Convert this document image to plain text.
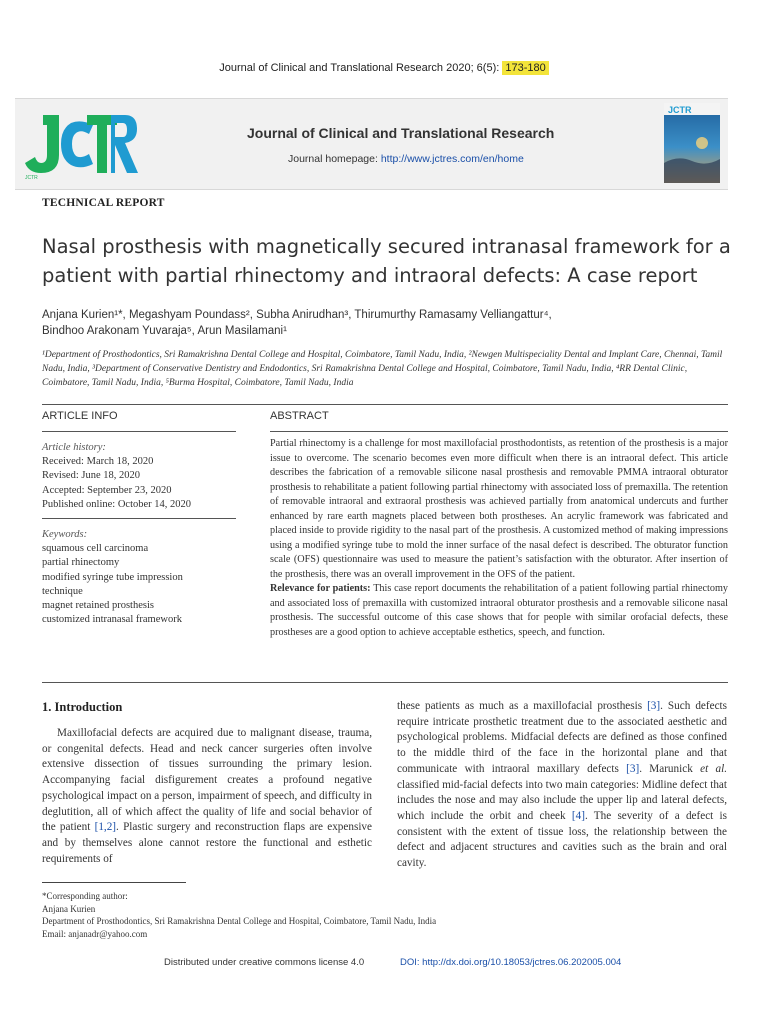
Journal of Clinical and Translational Research 2020; 6(5): 173-180
JCTR
Journal of Clinical and Translational Research
Journal homepage: http://www.jctres.com/en/home
JCTR
TECHNICAL REPORT
Nasal prosthesis with magnetically secured intranasal framework for a
patient with partial rhinectomy and intraoral defects: A case report
Anjana Kurien¹*, Megashyam Poundass², Subha Anirudhan³, Thirumurthy Ramasamy Velliangattur⁴,
Bindhoo Arakonam Yuvaraja⁵, Arun Masilamani¹
¹Department of Prosthodontics, Sri Ramakrishna Dental College and Hospital, Coimbatore, Tamil Nadu, India, ²Newgen Multispeciality Dental and Implant Care, Chennai, Tamil Nadu, India, ³Department of Conservative Dentistry and Endodontics, Sri Ramakrishna Dental College and Hospital, Coimbatore, Tamil Nadu, India, ⁴RR Dental Clinic, Coimbatore, Tamil Nadu, India, ⁵Burma Hospital, Coimbatore, Tamil Nadu, India
ARTICLE INFO	ABSTRACT
Article history:
Received: March 18, 2020
Revised: June 18, 2020
Accepted: September 23, 2020
Published online: October 14, 2020
Keywords:
squamous cell carcinoma
partial rhinectomy
modified syringe tube impression
technique
magnet retained prosthesis
customized intranasal framework

Partial rhinectomy is a challenge for most maxillofacial prosthodontists, as retention of the prosthesis is a major issue to overcome. The scenario becomes even more difficult when there is an intraoral defect. This article describes the fabrication of a removable silicone nasal prosthesis and removable PMMA intraoral obturator prosthesis to rehabilitate a patient following partial rhinectomy with associated loss of premaxilla. The retention of removable intraoral and extraoral prosthesis was achieved partially from anatomical undercuts and further enhanced by rare earth magnets placed between both prostheses. An acrylic framework was fabricated and placed inside to provide rigidity to the nasal part of the prosthesis. A customized method of making impressions using a modified syringe tube to mold the inner surface of the nasal defect is described. The obturator function scale (OFS) questionnaire was used to measure the patient’s satisfaction with the obturator. After insertion of the prosthesis, there was an overall improvement in the OFS of the patient.

Relevance for patients: This case report documents the rehabilitation of a patient following partial rhinectomy and associated loss of premaxilla with customized intraoral obturator prosthesis and a removable silicone nasal prosthesis. The successful outcome of this case shows that for people with similar orofacial defects, these prostheses are a good option to achieve acceptable esthetics, speech, and function.

1. Introduction

Maxillofacial defects are acquired due to malignant disease, trauma, or congenital defects. Head and neck cancer surgeries often involve extensive dissection of tissues surrounding the primary lesion. Accompanying facial disfigurement creates a profound negative psychological impact on a person, impairment of speech, and difficulty in deglutition, all of which affect the quality of life and social behavior of the patient [1,2]. Plastic surgery and reconstruction flaps are expensive and by themselves alone cannot restore the functional and esthetic requirements of

these patients as much as a maxillofacial prosthesis [3]. Such defects require intricate prosthetic treatment due to the associated aesthetic and psychological problems. Midfacial defects are defined as those confined to the middle third of the face in the horizontal plane and that communicate with intraoral maxillary defects [3]. Marunick et al. classified mid-facial defects into two main categories: Midline defect that includes the nose and may also include the upper lip and lateral defects, which include the orbit and cheek [4]. The severity of a defect is consistent with the extent of tissue loss, the relationship between the defect and adjacent structures and cavities such as the brain and oral cavity.

*Corresponding author:
Anjana Kurien
Department of Prosthodontics, Sri Ramakrishna Dental College and Hospital, Coimbatore, Tamil Nadu, India
Email: anjanadr@yahoo.com
Distributed under creative commons license 4.0	DOI: http://dx.doi.org/10.18053/jctres.06.202005.004
